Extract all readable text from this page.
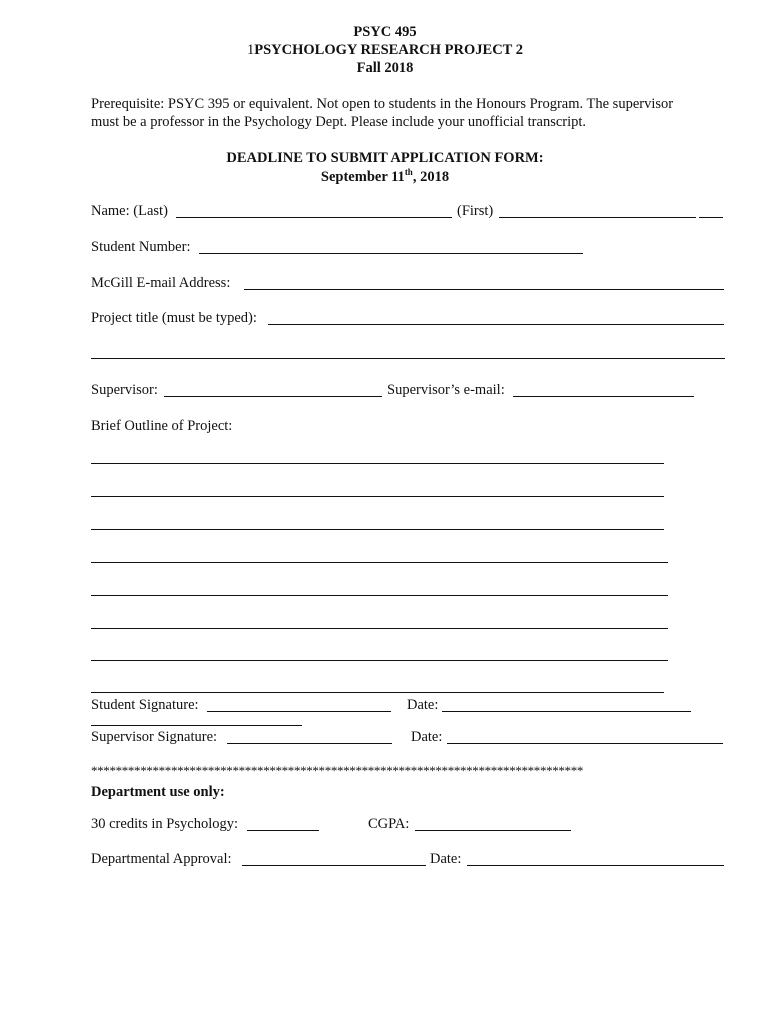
PSYC 495
1PSYCHOLOGY RESEARCH PROJECT 2
Fall 2018
Prerequisite: PSYC 395 or equivalent. Not open to students in the Honours Program. The supervisor
must be a professor in the Psychology Dept. Please include your unofficial transcript.
DEADLINE TO SUBMIT APPLICATION FORM:
September 11th, 2018
Name: (Last)	(First)
Student Number:
McGill E-mail Address:
Project title (must be typed):
Supervisor:	Supervisor’s e-mail:
Brief Outline of Project:
Student Signature:	Date:
Supervisor Signature:	Date:
********************************************************************************
Department use only:
30 credits in Psychology:	CGPA:
Departmental Approval:	Date:
